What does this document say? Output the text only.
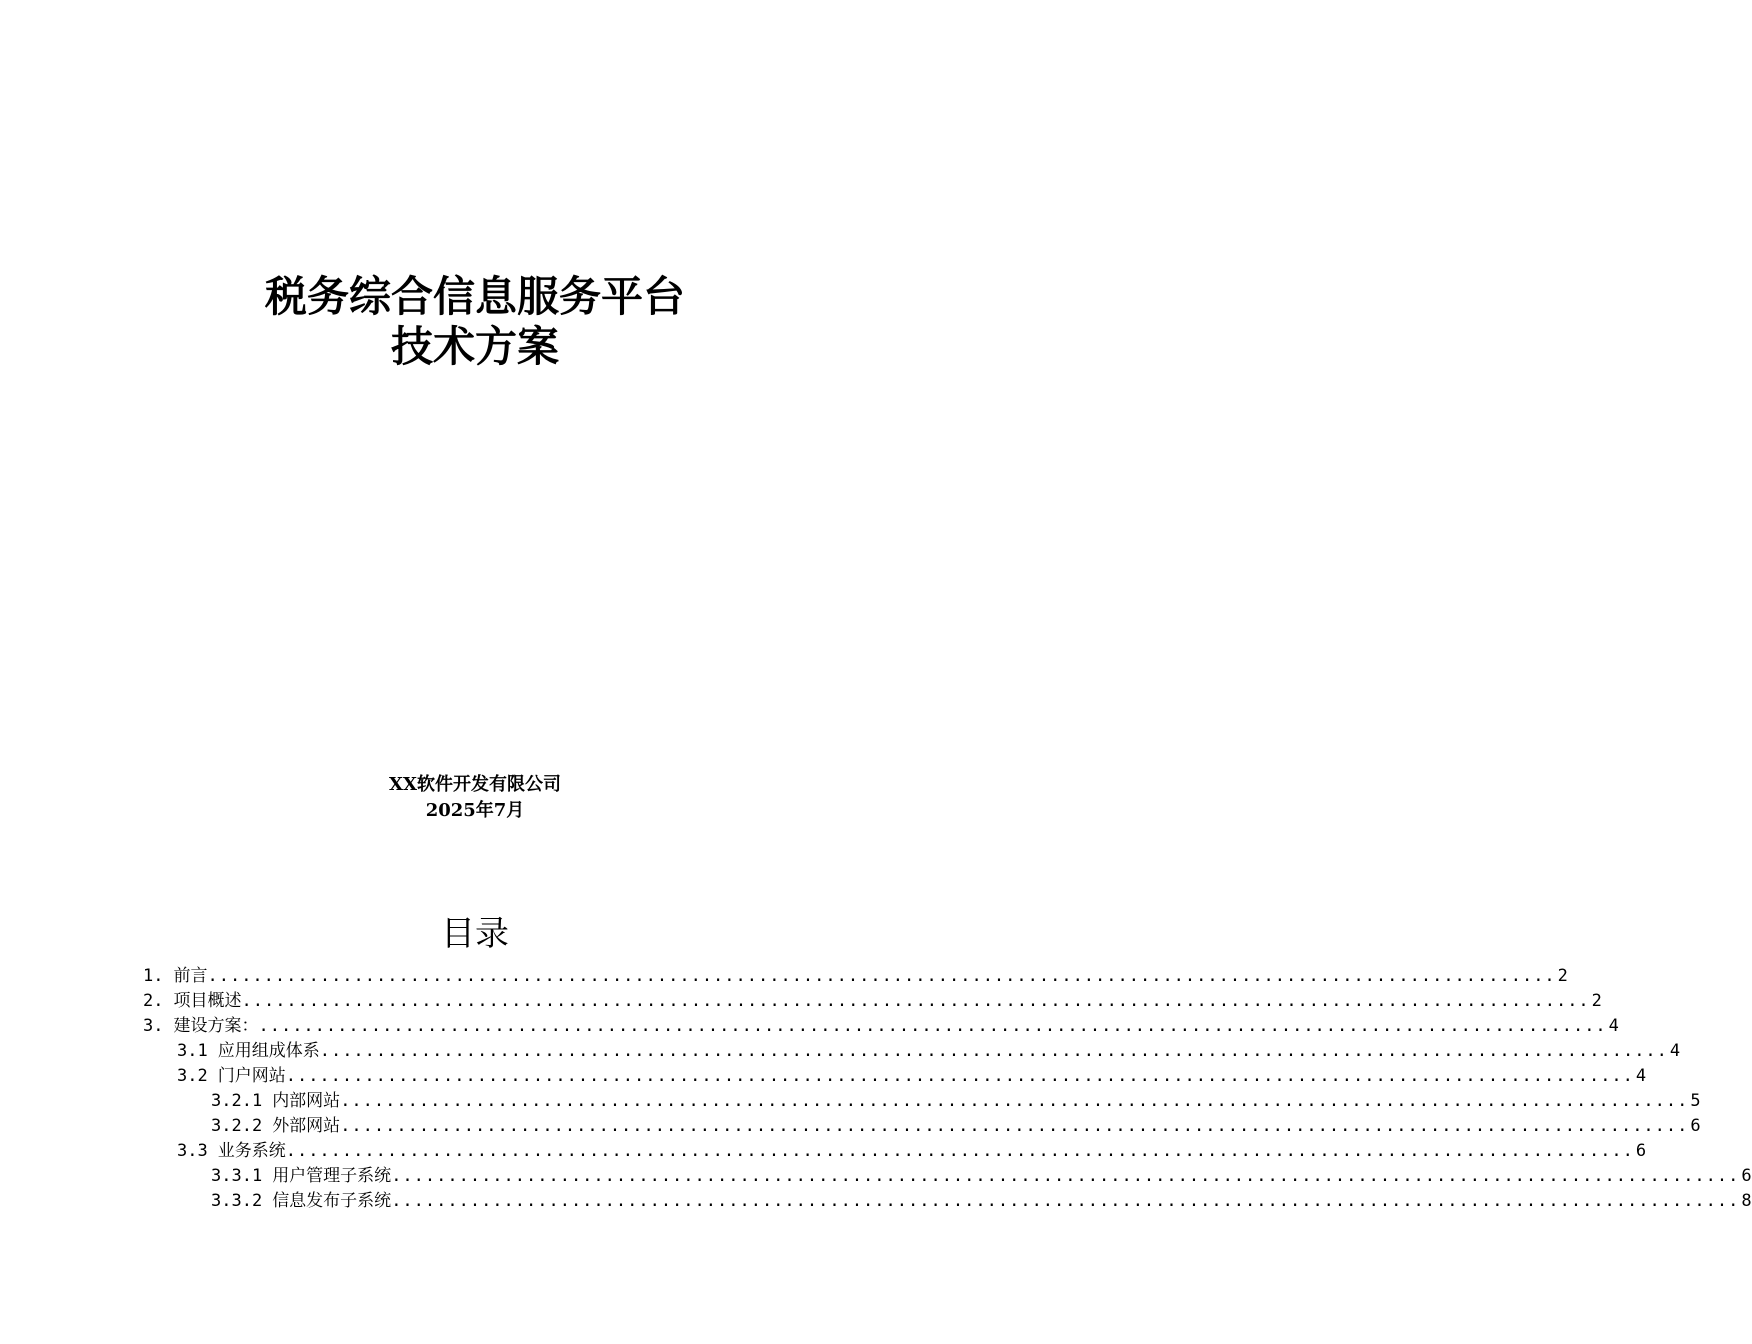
税务综合信息服务平台
技术方案
XX软件开发有限公司
2025年7月
目录
1. 前言 ........................................................................................................................ 2
2. 项目概述 ........................................................................................................................ 2
3. 建设方案： ........................................................................................................................ 4
3.1 应用组成体系 ........................................................................................................................ 4
3.2 门户网站 ........................................................................................................................ 4
3.2.1 内部网站 ........................................................................................................................ 5
3.2.2 外部网站 ........................................................................................................................ 6
3.3 业务系统 ........................................................................................................................ 6
3.3.1 用户管理子系统 ........................................................................................................................ 6
3.3.2 信息发布子系统 ........................................................................................................................ 8
